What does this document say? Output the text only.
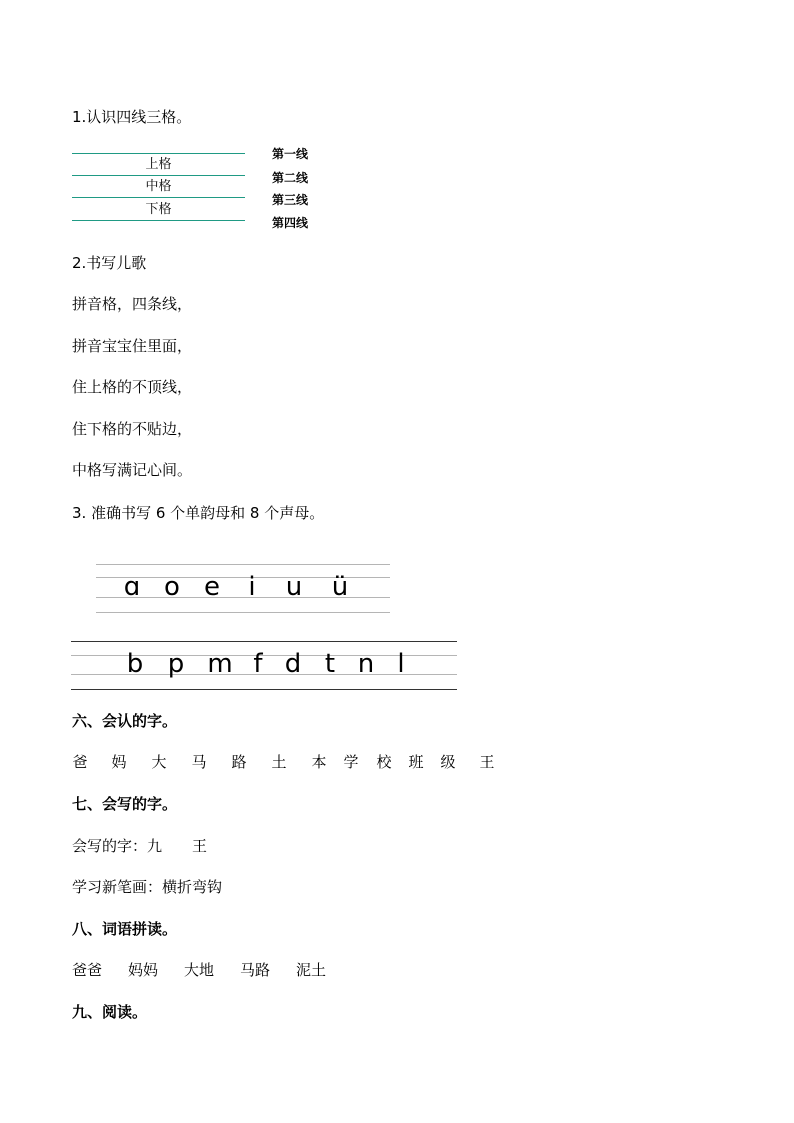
1.认识四线三格。
上格
中格
下格
第一线
第二线
第三线
第四线
2.书写儿歌
拼音格，四条线，
拼音宝宝住里面，
住上格的不顶线，
住下格的不贴边，
中格写满记心间。
3. 准确书写 6 个单韵母和 8 个声母。
ɑ o e	i	u ü
b p m f d t n l
六、会认的字。
爸 妈 大 马 路 土 本 学 校 班 级 王
七、会写的字。
会写的字：九　　王
学习新笔画：横折弯钩
八、词语拼读。
爸爸 妈妈 大地 马路 泥土
九、阅读。
